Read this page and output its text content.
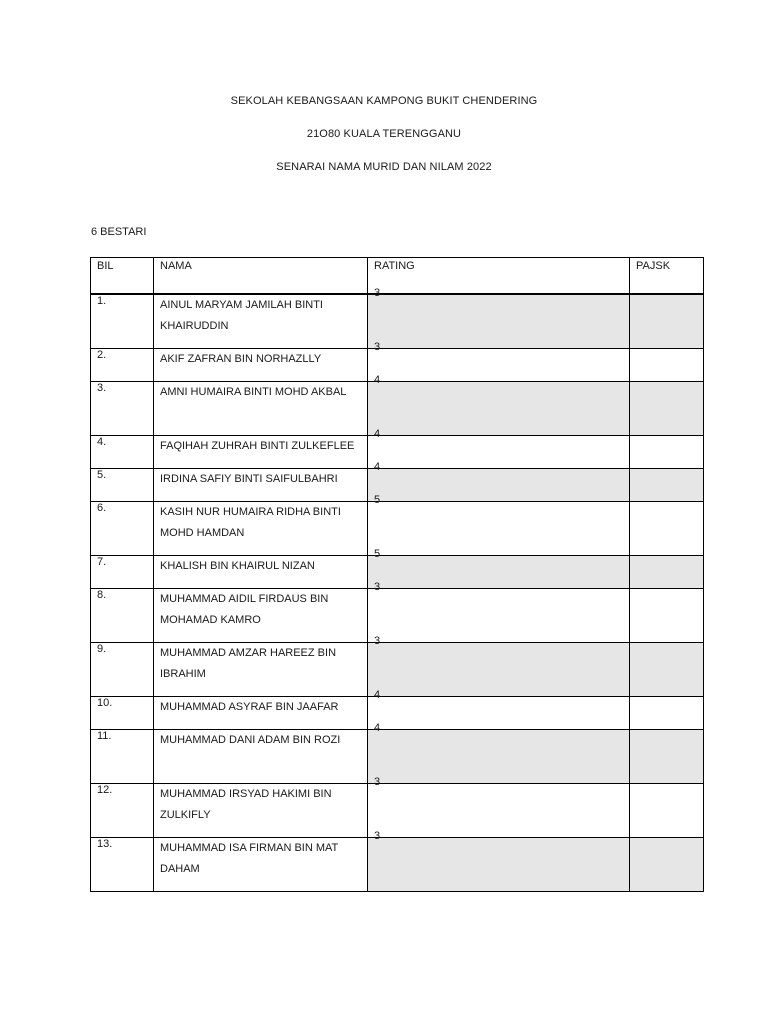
SEKOLAH KEBANGSAAN KAMPONG BUKIT CHENDERING
21O80 KUALA TERENGGANU
SENARAI NAMA MURID DAN NILAM 2022
6 BESTARI
BIL	NAMA	RATING	PAJSK
1.	AINUL MARYAM JAMILAH BINTI KHAIRUDDIN	3	
2.	AKIF ZAFRAN BIN NORHAZLLY	3	
3.	AMNI HUMAIRA BINTI MOHD AKBAL	4	
4.	FAQIHAH ZUHRAH BINTI ZULKEFLEE	4	
5.	IRDINA SAFIY BINTI SAIFULBAHRI	4	
6.	KASIH NUR HUMAIRA RIDHA BINTI MOHD HAMDAN	5	
7.	KHALISH BIN KHAIRUL NIZAN	5	
8.	MUHAMMAD AIDIL FIRDAUS BIN MOHAMAD KAMRO	3	
9.	MUHAMMAD AMZAR HAREEZ BIN IBRAHIM	3	
10.	MUHAMMAD ASYRAF BIN JAAFAR	4	
11.	MUHAMMAD DANI ADAM BIN ROZI	4	
12.	MUHAMMAD IRSYAD HAKIMI BIN ZULKIFLY	3	
13.	MUHAMMAD ISA FIRMAN BIN MAT DAHAM	3	
